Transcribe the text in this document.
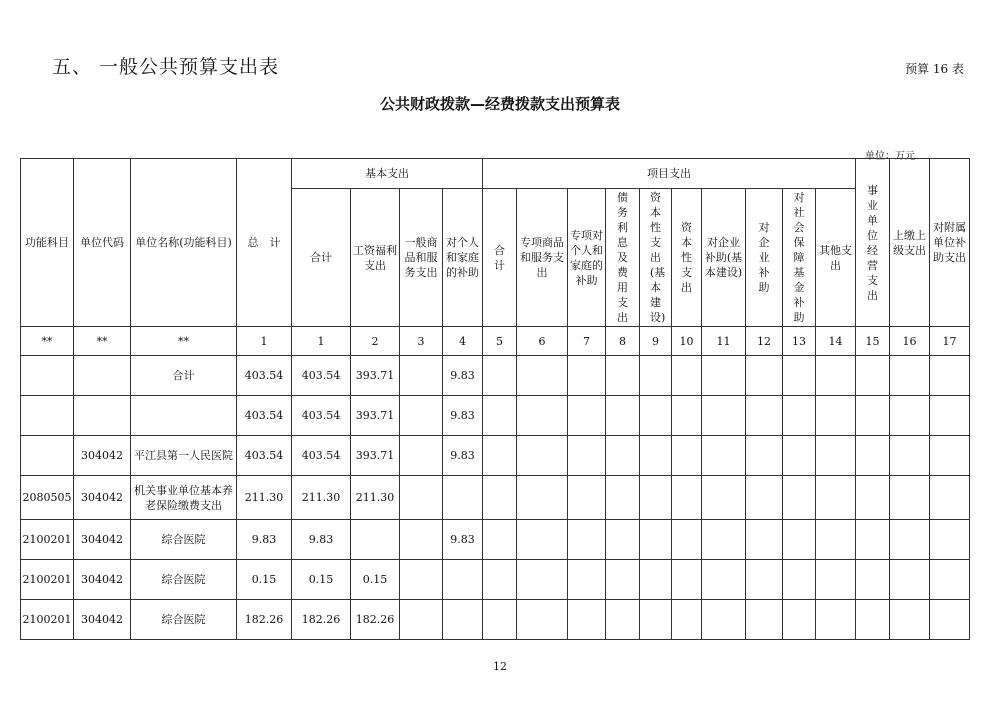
五、 一般公共预算支出表	预算 16 表
公共财政拨款—经费拨款支出预算表
单位：万元
功能科目	单位代码	单位名称(功能科目)	总　计	基本支出				项目支出										事业单位经营支出	上缴上级支出	对附属单位补助支出

				合计	工资福利支出	一般商品和服务支出	对个人和家庭的补助	合计	专项商品和服务支出	专项对个人和家庭的补助	债务利息及费用支出	资本性支出(基本建设)	资本性支出	对企业补助(基本建设)	对企业补助	对社会保障基金补助	其他支出			

**	**	**	1	1	2	3	4	5	6	7	8	9	10	11	12	13	14	15	16	17
		合计	403.54	403.54	393.71		9.83													
			403.54	403.54	393.71		9.83													
	304042	平江县第一人民医院	403.54	403.54	393.71		9.83													
2080505	304042	机关事业单位基本养老保险缴费支出	211.30	211.30	211.30															
2100201	304042	综合医院	9.83	9.83			9.83													
2100201	304042	综合医院	0.15	0.15	0.15															
2100201	304042	综合医院	182.26	182.26	182.26															
12
